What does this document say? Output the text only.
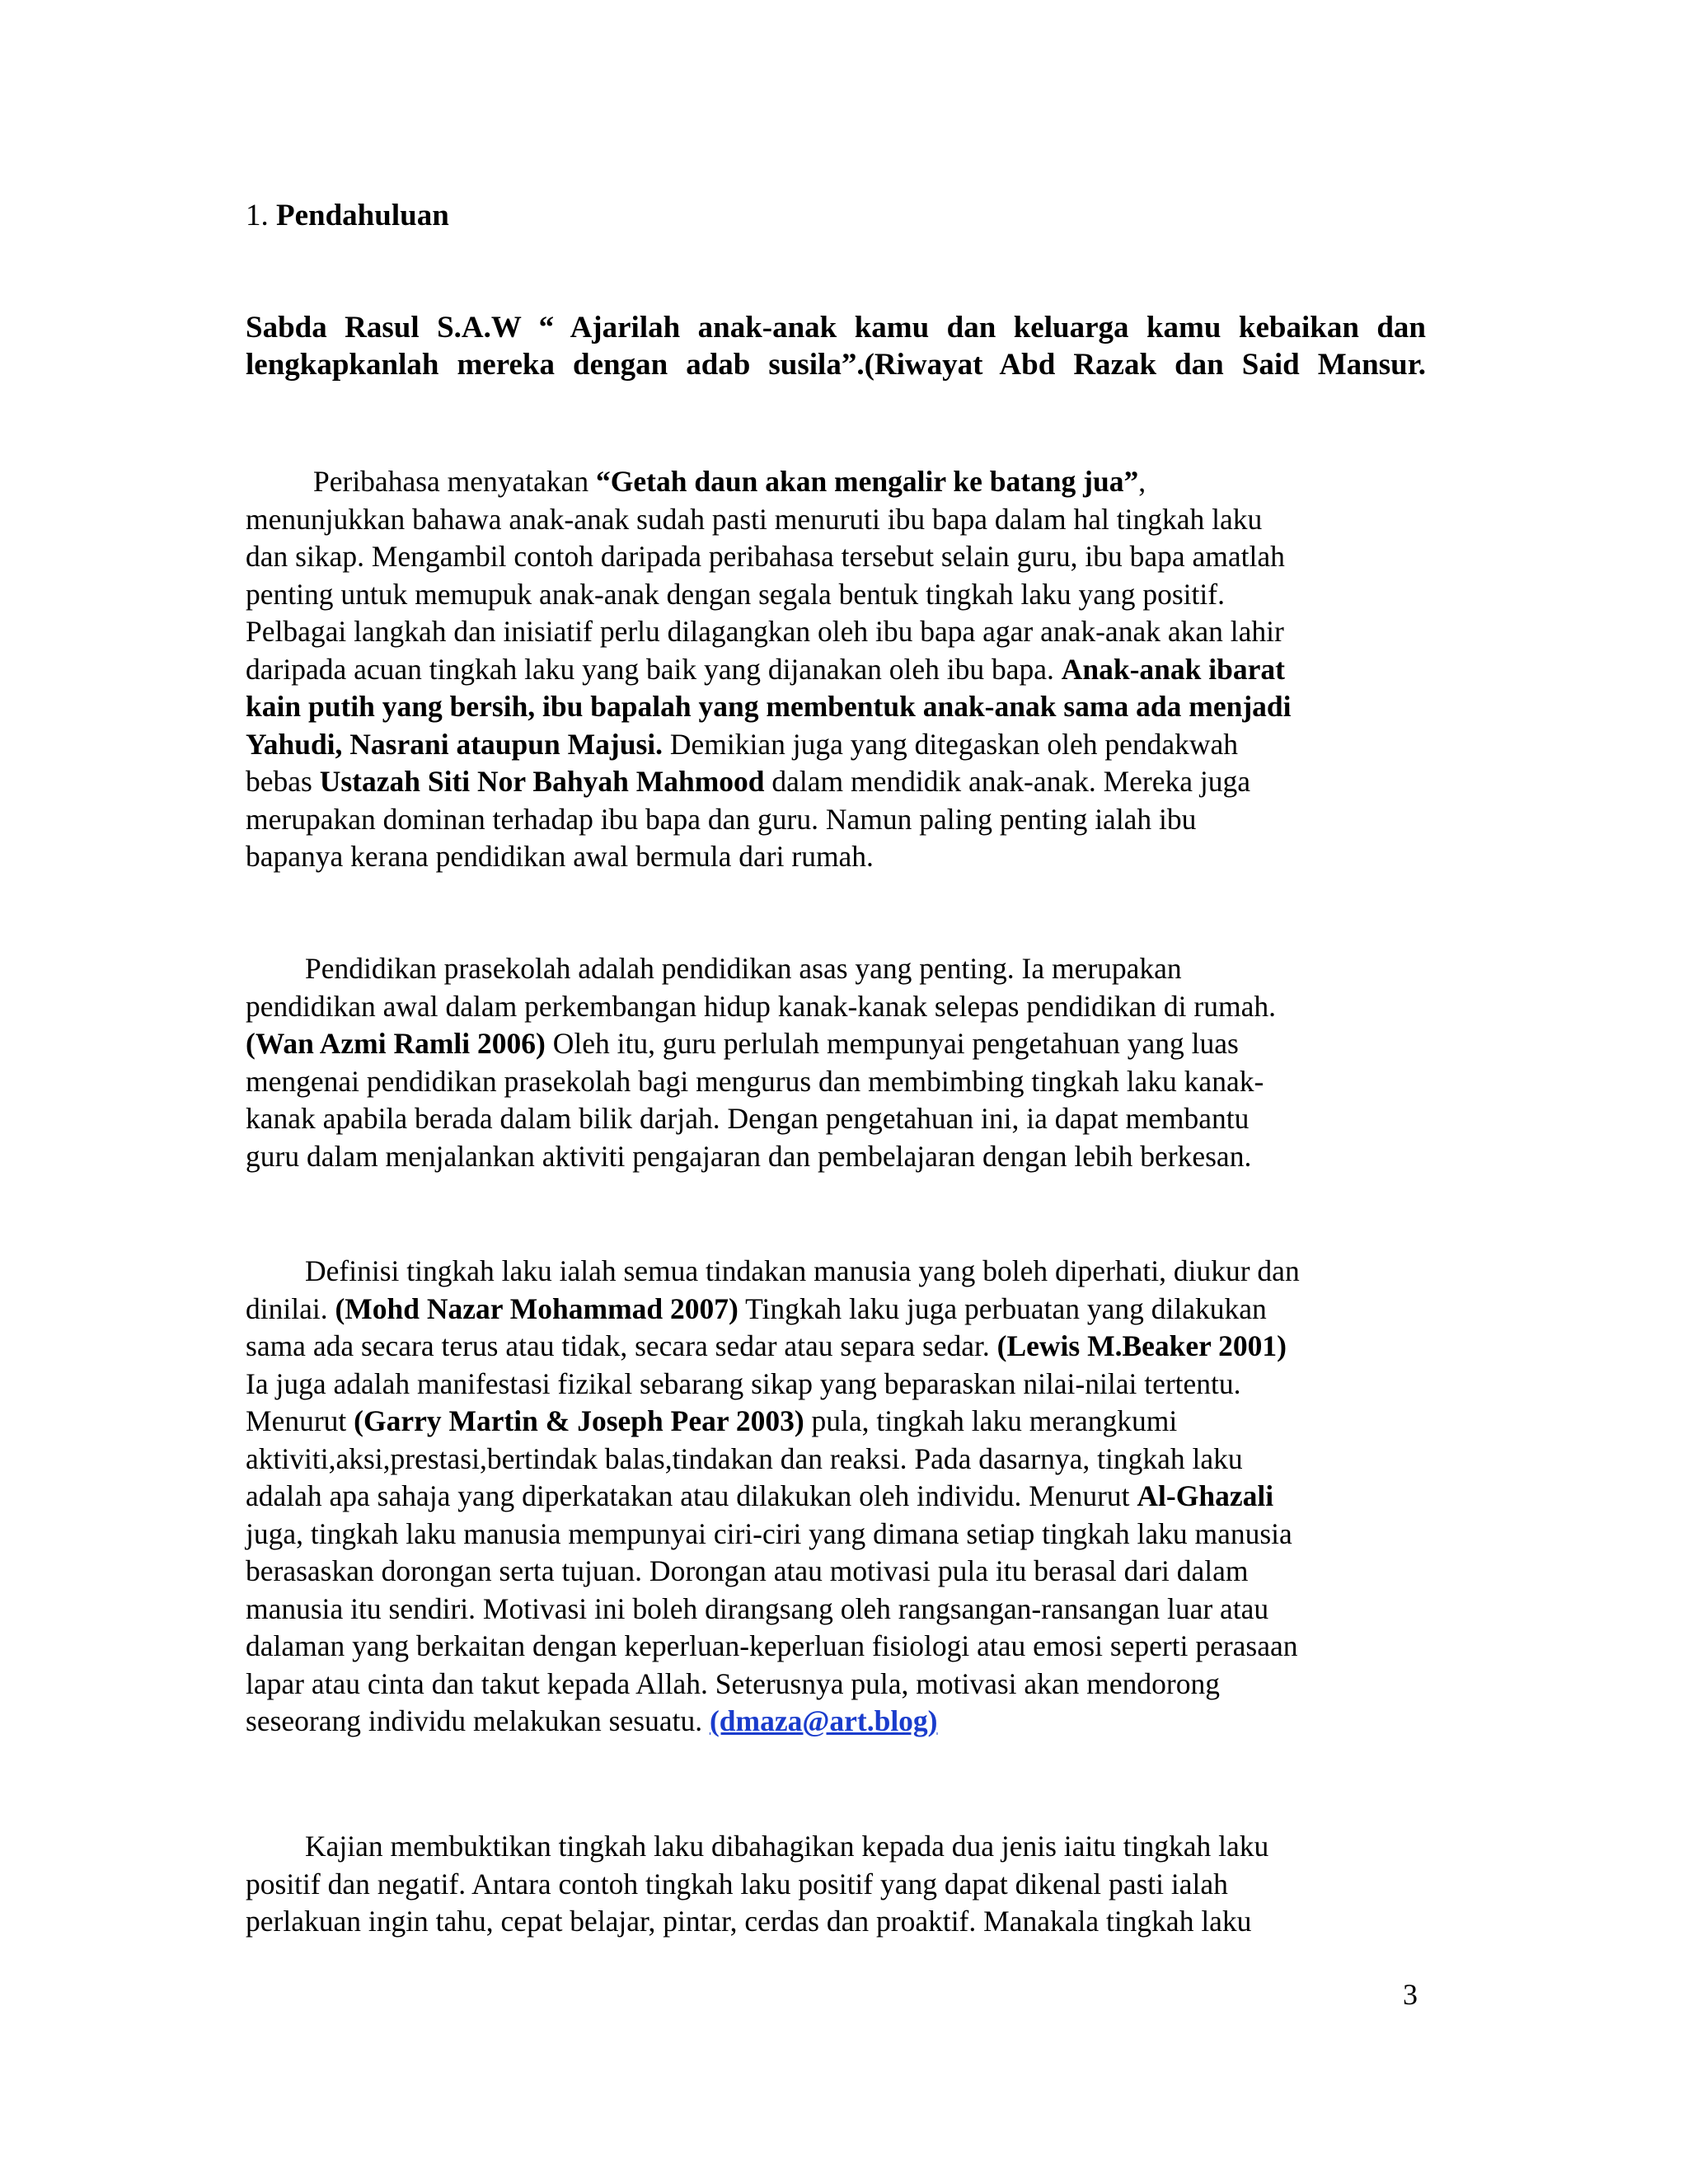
1. Pendahuluan
Sabda Rasul S.A.W “ Ajarilah anak-anak kamu dan keluarga kamu kebaikan dan
lengkapkanlah mereka dengan adab susila”.(Riwayat Abd Razak dan Said Mansur.
Peribahasa menyatakan “Getah daun akan mengalir ke batang jua”,
menunjukkan bahawa anak-anak sudah pasti menuruti ibu bapa dalam hal tingkah laku
dan sikap. Mengambil contoh daripada peribahasa tersebut selain guru, ibu bapa amatlah
penting untuk memupuk anak-anak dengan segala bentuk tingkah laku yang positif.
Pelbagai langkah dan inisiatif perlu dilagangkan oleh ibu bapa agar anak-anak akan lahir
daripada acuan tingkah laku yang baik yang dijanakan oleh ibu bapa. Anak-anak ibarat
kain putih yang bersih, ibu bapalah yang membentuk anak-anak sama ada menjadi
Yahudi, Nasrani ataupun Majusi. Demikian juga yang ditegaskan oleh pendakwah
bebas Ustazah Siti Nor Bahyah Mahmood dalam mendidik anak-anak. Mereka juga
merupakan dominan terhadap ibu bapa dan guru. Namun paling penting ialah ibu
bapanya kerana pendidikan awal bermula dari rumah.
Pendidikan prasekolah adalah pendidikan asas yang penting. Ia merupakan
pendidikan awal dalam perkembangan hidup kanak-kanak selepas pendidikan di rumah.
(Wan Azmi Ramli 2006) Oleh itu, guru perlulah mempunyai pengetahuan yang luas
mengenai pendidikan prasekolah bagi mengurus dan membimbing tingkah laku kanak-
kanak apabila berada dalam bilik darjah. Dengan pengetahuan ini, ia dapat membantu
guru dalam menjalankan aktiviti pengajaran dan pembelajaran dengan lebih berkesan.
Definisi tingkah laku ialah semua tindakan manusia yang boleh diperhati, diukur dan
dinilai. (Mohd Nazar Mohammad 2007) Tingkah laku juga perbuatan yang dilakukan
sama ada secara terus atau tidak, secara sedar atau separa sedar. (Lewis M.Beaker 2001)
Ia juga adalah manifestasi fizikal sebarang sikap yang bераraskan nilai-nilai tertentu.
Menurut (Garry Martin & Joseph Pear 2003) pula, tingkah laku merangkumi
aktiviti,aksi,prestasi,bertindak balas,tindakan dan reaksi. Pada dasarnya, tingkah laku
adalah apa sahaja yang diperkatakan atau dilakukan oleh individu. Menurut Al-Ghazali
juga, tingkah laku manusia mempunyai ciri-ciri yang dimana setiap tingkah laku manusia
berasaskan dorongan serta tujuan. Dorongan atau motivasi pula itu berasal dari dalam
manusia itu sendiri. Motivasi ini boleh dirangsang oleh rangsangan-ransangan luar atau
dalaman yang berkaitan dengan keperluan-keperluan fisiologi atau emosi seperti perasaan
lapar atau cinta dan takut kepada Allah. Seterusnya pula, motivasi akan mendorong
seseorang individu melakukan sesuatu. (dmaza@art.blog)
Kajian membuktikan tingkah laku dibahagikan kepada dua jenis iaitu tingkah laku
positif dan negatif. Antara contoh tingkah laku positif yang dapat dikenal pasti ialah
perlakuan ingin tahu, cepat belajar, pintar, cerdas dan proaktif. Manakala tingkah laku
3
